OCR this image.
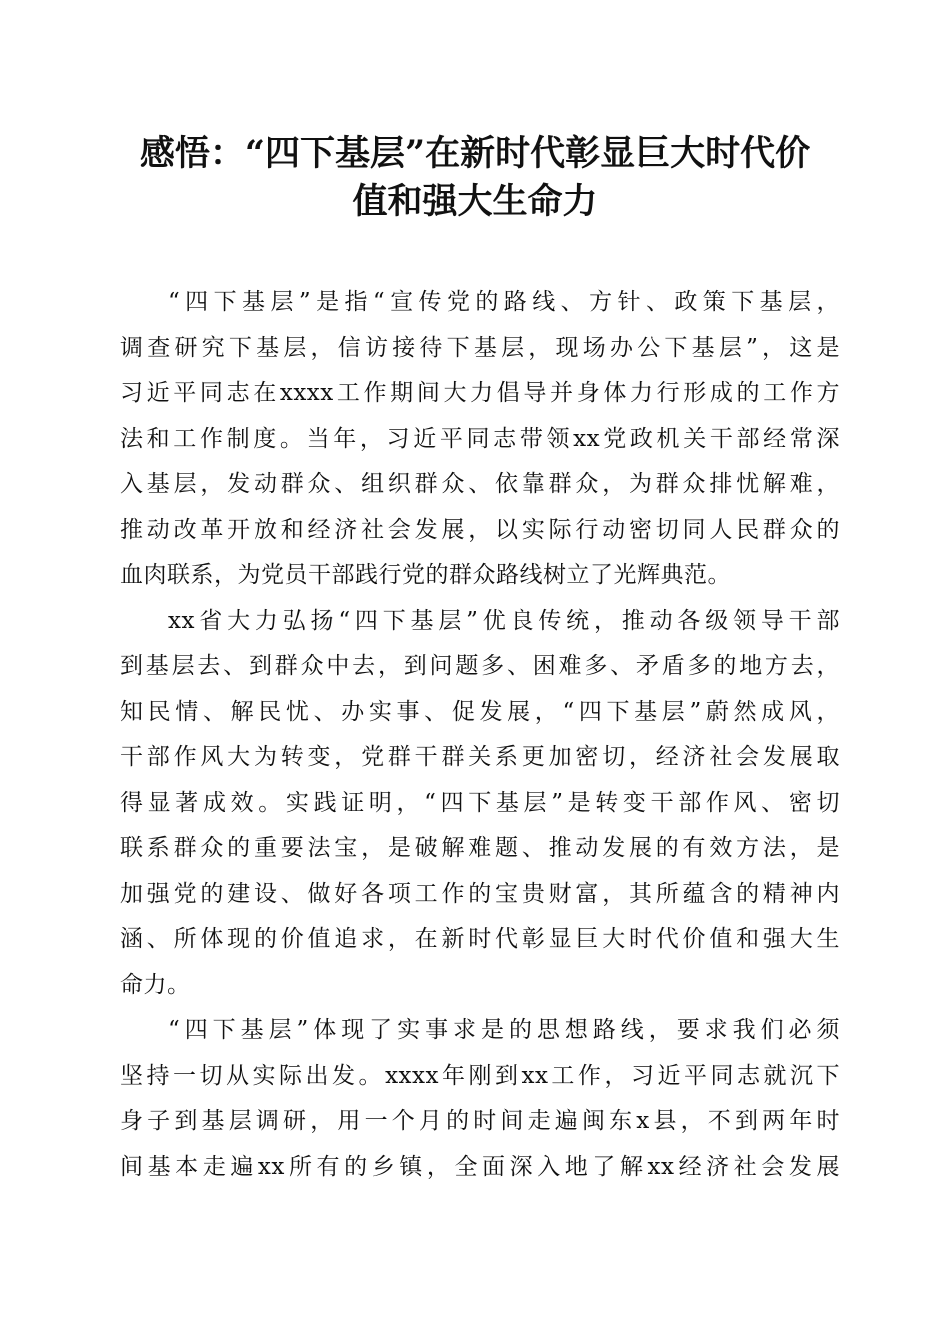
感悟：“四下基层”在新时代彰显巨大时代价
值和强大生命力
“四下基层”是指“宣传党的路线、方针、政策下基层，
调查研究下基层，信访接待下基层，现场办公下基层”，这是
习近平同志在xxxx工作期间大力倡导并身体力行形成的工作方
法和工作制度。当年，习近平同志带领xx党政机关干部经常深
入基层，发动群众、组织群众、依靠群众，为群众排忧解难，
推动改革开放和经济社会发展，以实际行动密切同人民群众的
血肉联系，为党员干部践行党的群众路线树立了光辉典范。
xx省大力弘扬“四下基层”优良传统，推动各级领导干部
到基层去、到群众中去，到问题多、困难多、矛盾多的地方去，
知民情、解民忧、办实事、促发展，“四下基层”蔚然成风，
干部作风大为转变，党群干群关系更加密切，经济社会发展取
得显著成效。实践证明，“四下基层”是转变干部作风、密切
联系群众的重要法宝，是破解难题、推动发展的有效方法，是
加强党的建设、做好各项工作的宝贵财富，其所蕴含的精神内
涵、所体现的价值追求，在新时代彰显巨大时代价值和强大生
命力。
“四下基层”体现了实事求是的思想路线，要求我们必须
坚持一切从实际出发。xxxx年刚到xx工作，习近平同志就沉下
身子到基层调研，用一个月的时间走遍闽东x县，不到两年时
间基本走遍xx所有的乡镇，全面深入地了解xx经济社会发展
